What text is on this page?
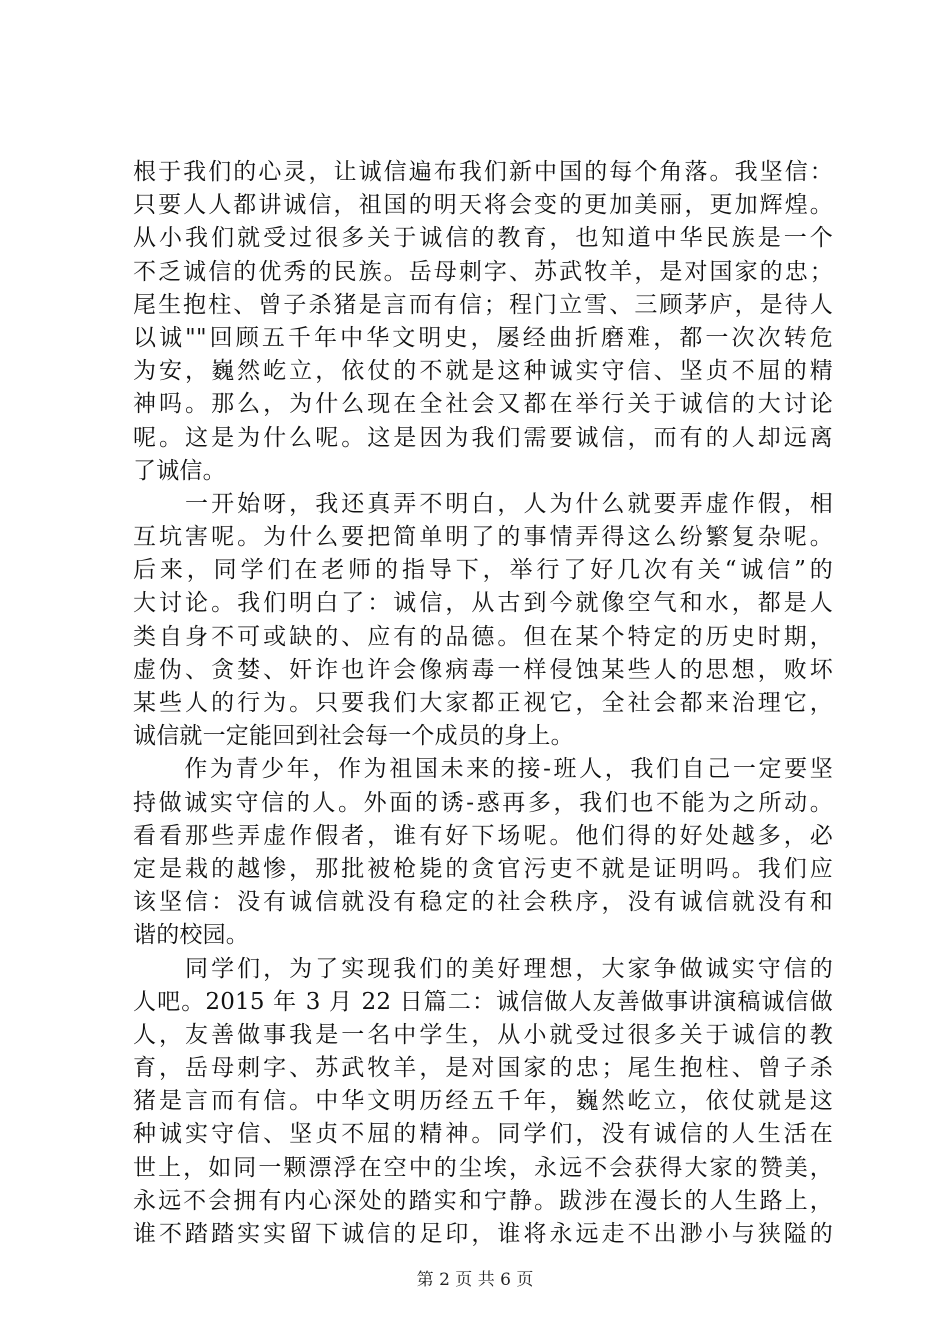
根于我们的心灵，让诚信遍布我们新中国的每个角落。我坚信：
只要人人都讲诚信，祖国的明天将会变的更加美丽，更加辉煌。
从小我们就受过很多关于诚信的教育，也知道中华民族是一个
不乏诚信的优秀的民族。岳母刺字、苏武牧羊，是对国家的忠；
尾生抱柱、曾子杀猪是言而有信；程门立雪、三顾茅庐，是待人
以诚""回顾五千年中华文明史，屡经曲折磨难，都一次次转危
为安，巍然屹立，依仗的不就是这种诚实守信、坚贞不屈的精
神吗。那么，为什么现在全社会又都在举行关于诚信的大讨论
呢。这是为什么呢。这是因为我们需要诚信，而有的人却远离
了诚信。
　　一开始呀，我还真弄不明白，人为什么就要弄虚作假，相
互坑害呢。为什么要把简单明了的事情弄得这么纷繁复杂呢。
后来，同学们在老师的指导下，举行了好几次有关“诚信”的
大讨论。我们明白了：诚信，从古到今就像空气和水，都是人
类自身不可或缺的、应有的品德。但在某个特定的历史时期，
虚伪、贪婪、奸诈也许会像病毒一样侵蚀某些人的思想，败坏
某些人的行为。只要我们大家都正视它，全社会都来治理它，
诚信就一定能回到社会每一个成员的身上。
　　作为青少年，作为祖国未来的接-班人，我们自己一定要坚
持做诚实守信的人。外面的诱-惑再多，我们也不能为之所动。
看看那些弄虚作假者，谁有好下场呢。他们得的好处越多，必
定是栽的越惨，那批被枪毙的贪官污吏不就是证明吗。我们应
该坚信：没有诚信就没有稳定的社会秩序，没有诚信就没有和
谐的校园。
　　同学们，为了实现我们的美好理想，大家争做诚实守信的
人吧。2015 年 3 月 22 日篇二：诚信做人友善做事讲演稿诚信做
人，友善做事我是一名中学生，从小就受过很多关于诚信的教
育，岳母刺字、苏武牧羊，是对国家的忠；尾生抱柱、曾子杀
猪是言而有信。中华文明历经五千年，巍然屹立，依仗就是这
种诚实守信、坚贞不屈的精神。同学们，没有诚信的人生活在
世上，如同一颗漂浮在空中的尘埃，永远不会获得大家的赞美，
永远不会拥有内心深处的踏实和宁静。跋涉在漫长的人生路上，
谁不踏踏实实留下诚信的足印，谁将永远走不出渺小与狭隘的
第 2 页 共 6 页
